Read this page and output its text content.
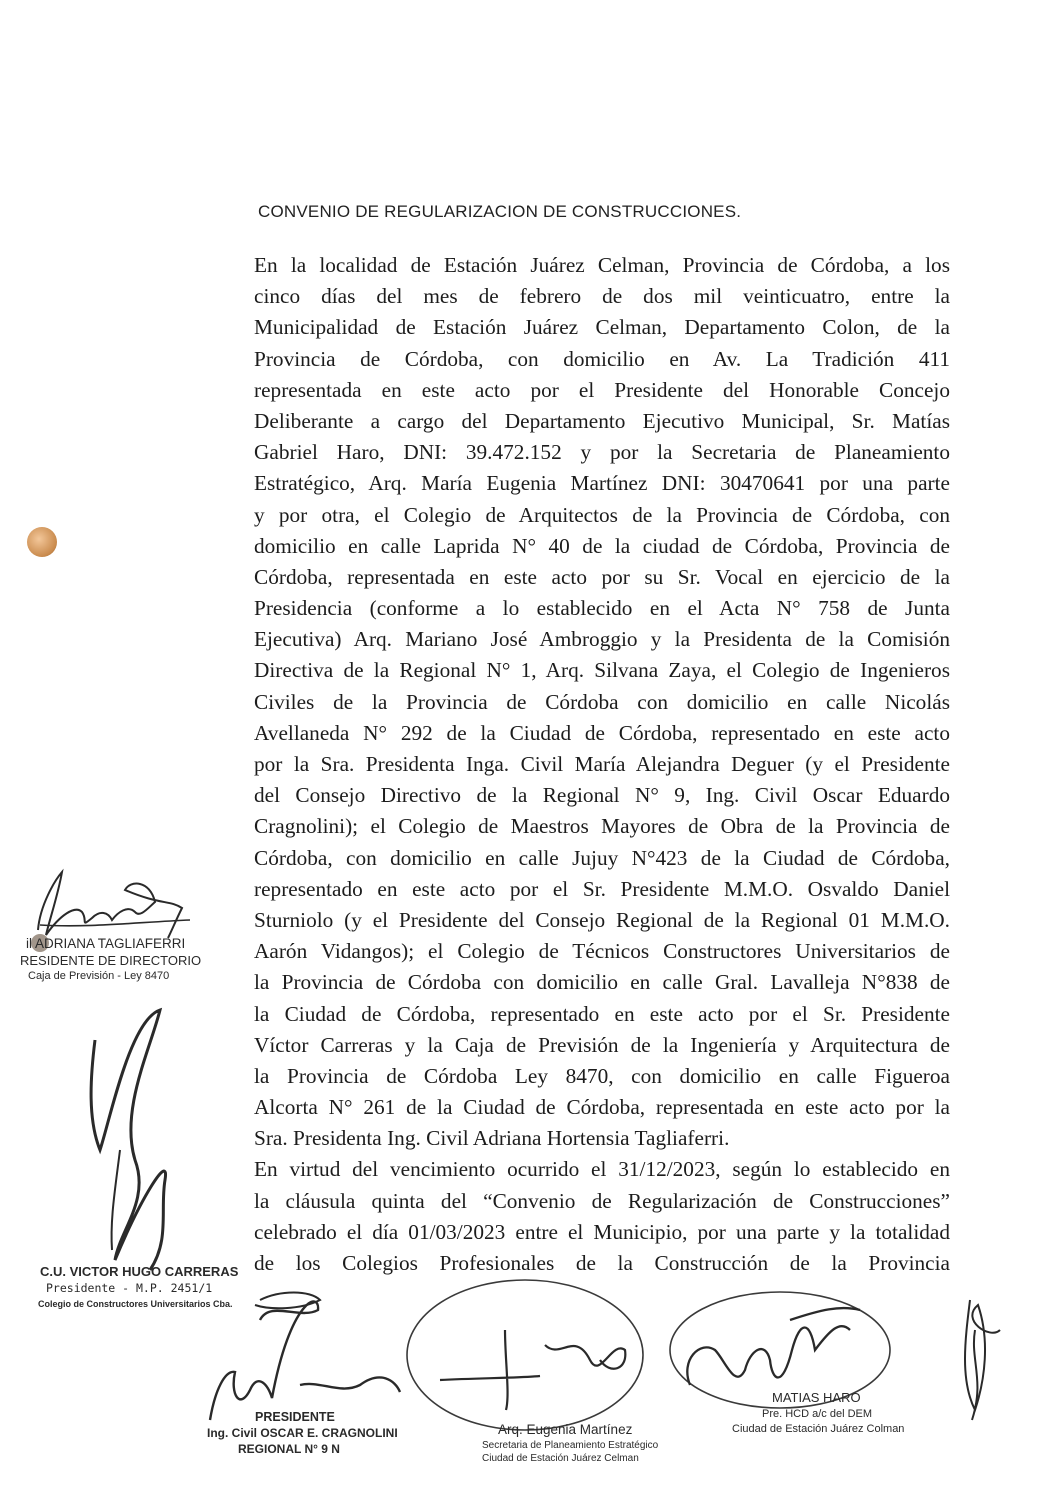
CONVENIO DE REGULARIZACION DE CONSTRUCCIONES.
En la localidad de Estación Juárez Celman, Provincia de Córdoba, a los
cinco días del mes de febrero de dos mil veinticuatro, entre la
Municipalidad de Estación Juárez Celman, Departamento Colon, de la
Provincia de Córdoba, con domicilio en Av. La Tradición 411
representada en este acto por el Presidente del Honorable Concejo
Deliberante a cargo del Departamento Ejecutivo Municipal, Sr. Matías
Gabriel Haro, DNI: 39.472.152 y por la Secretaria de Planeamiento
Estratégico, Arq. María Eugenia Martínez DNI: 30470641 por una parte
y por otra, el Colegio de Arquitectos de la Provincia de Córdoba, con
domicilio en calle Laprida N° 40 de la ciudad de Córdoba, Provincia de
Córdoba, representada en este acto por su Sr. Vocal en ejercicio de la
Presidencia (conforme a lo establecido en el Acta N° 758 de Junta
Ejecutiva) Arq. Mariano José Ambroggio y la Presidenta de la Comisión
Directiva de la Regional N° 1, Arq. Silvana Zaya, el Colegio de Ingenieros
Civiles de la Provincia de Córdoba con domicilio en calle Nicolás
Avellaneda N° 292 de la Ciudad de Córdoba, representado en este acto
por la Sra. Presidenta Inga. Civil María Alejandra Deguer (y el Presidente
del Consejo Directivo de la Regional N° 9, Ing. Civil Oscar Eduardo
Cragnolini); el Colegio de Maestros Mayores de Obra de la Provincia de
Córdoba, con domicilio en calle Jujuy N°423 de la Ciudad de Córdoba,
representado en este acto por el Sr. Presidente M.M.O. Osvaldo Daniel
Sturniolo (y el Presidente del Consejo Regional de la Regional 01 M.M.O.
Aarón Vidangos); el Colegio de Técnicos Constructores Universitarios de
la Provincia de Córdoba con domicilio en calle Gral. Lavalleja N°838 de
la Ciudad de Córdoba, representado en este acto por el Sr. Presidente
Víctor Carreras y la Caja de Previsión de la Ingeniería y Arquitectura de
la Provincia de Córdoba Ley 8470, con domicilio en calle Figueroa
Alcorta N° 261 de la Ciudad de Córdoba, representada en este acto por la
Sra. Presidenta Ing. Civil Adriana Hortensia Tagliaferri.
En virtud del vencimiento ocurrido el 31/12/2023, según lo establecido en
la cláusula quinta del “Convenio de Regularización de Construcciones”
celebrado el día 01/03/2023 entre el Municipio, por una parte y la totalidad
de los Colegios Profesionales de la Construcción de la Provincia
il ADRIANA TAGLIAFERRI
RESIDENTE DE DIRECTORIO
Caja de Previsión - Ley 8470
C.U. VICTOR HUGO CARRERAS
Presidente - M.P. 2451/1
Colegio de Constructores Universitarios Cba.
PRESIDENTE
Ing. Civil OSCAR E. CRAGNOLINI
REGIONAL N° 9 N
Arq. Eugenia Martínez
Secretaria de Planeamiento Estratégico
Ciudad de Estación Juárez Celman
MATIAS HARO
Pre. HCD a/c del DEM
Ciudad de Estación Juárez Colman
